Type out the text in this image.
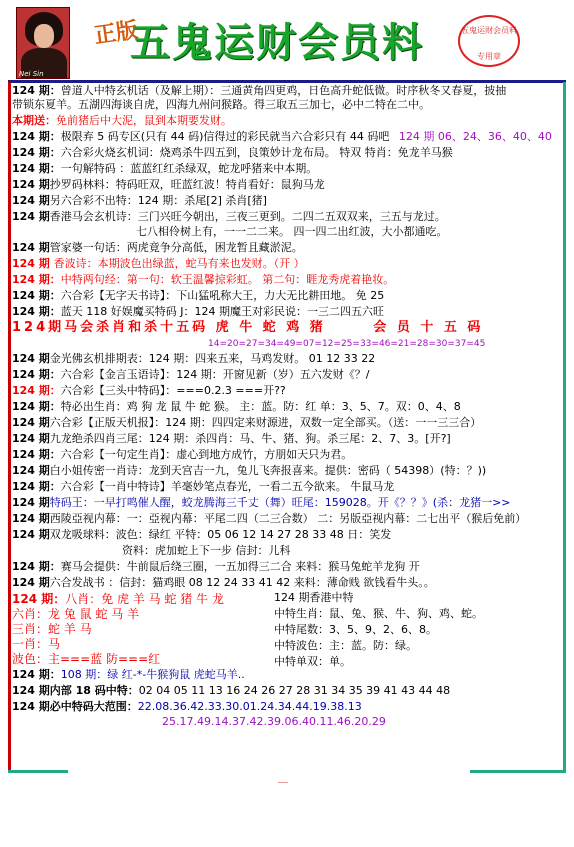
Nei Sin
正版
五鬼运财会员料	五鬼运财会员料
专用章
＿
124 期：曾道人中特玄机话（及解上期）：三通黄角四更鸡，日色高升蛇低微。时序秋冬又春夏，披抽
带锁东夏羊。五湖四海谈自虎，四海九州问猴路。得三取五三加七，必中二特在二中。
本期送：免前猪后中大泥，鼠到本期要发财。
124 期：极限弃 5 码专区(只有 44 码)信得过的彩民就当六合彩只有 44 码吧 124 期 06、24、36、40、40
124 期：六合彩火烧玄机词：烧鸡杀牛四五到，良策妙计龙布局。 特双 特肖：免龙羊马猴
124 期：一句解特码 ：蓝蓝红红杀绿双，蛇龙呼猪来中本期。
124 期抄罗码林料：特码旺双，旺蓝红波！特肖看好：鼠狗马龙
124 期另六合彩不出特：124 期：杀尾[2] 杀肖[猪]
124 期香港马会玄机诗：三门兴旺今朝出，三夜三更到。二四二五双双来，三五与龙过。
七八相伶树上有，一一二二来。 四一四二出红波，大小都通吃。
124 期管家婆一句话：两虎竟争分高低，困龙暂且藏淤泥。
124 期 香波诗：本期波色出绿蓝，蛇马有来也发财。（开 ）
124 期：中特两句经：第一句：软王温馨掠彩虹。 第二句：睚龙秀虎着艳妆。
124 期：六合彩【无字天书诗】：下山猛吼称大王，力大无比耕田地。 免 25
124 期：蓝天 118 好娱魔买特码 J：124 期魔王对彩民说：一三二四五六旺
124期马会杀肖和杀十五码 虎 牛 蛇 鸡 猪	会 员 十 五 码
14=20=27=34=49=07=12=25=33=46=21=28=30=37=45
124 期金光佛玄机排期表：124 期：四来五来，马鸡发财。 01 12 33 22
124 期：六合彩【金言玉语诗】：124 期：开窗见新（岁）五六发财《？/
124 期：六合彩【三头中特码】：===0.2.3 ===开??
124 期：特必出生肖：鸡 狗 龙 鼠 牛 蛇 猴。 主：蓝。防：红 单：3、5、7。双：0、4、8
124 期六合彩【正版天机报】：124 期：四四定来财源进，双数一定全部买。（送：一一三三合）
124 期九龙绝杀四肖三尾：124 期：杀四肖：马、牛、猪、狗。杀三尾：2、7、3。[开?]
124 期：六合彩【一句定生肖】：虚心到地方成竹，方朋如天只为君。
124 期白小姐传密一肖诗：龙到天宫吉一九，兔儿飞奔报喜来。提供：密码（ 54398）(特：？))
124 期：六合彩【一肖中特诗】羊毫妙笔点春光，一看二五今欲来。 牛鼠马龙
124 期特码王：一早打鸣催人醒，蛟龙腾海三千丈（舞）旺尾：159028。开《？？》(杀：龙猪一>>
124 期西陵亞视内幕：一：亞视内幕：平尾二四（二三合数） 二：另版亞视内幕：二七出平（猴后免前）
124 期双龙吸球料：波色：绿红 平特：05 06 12 14 27 28 33 48 日：笑发
资料：虎加蛇上下一步 信封：儿科
124 期：赛马会提供：牛前鼠后绕三圈，一五加得三二合 来料：猴马兔蛇羊龙狗 开
124 期六合发战书 ：信封：猫鸡眼 08 12 24 33 41 42 来料：薄命贱 欲钱看牛头。。
124 期：八肖：免 虎 羊 马 蛇 猪 牛 龙
六肖：龙 兔 鼠 蛇 马 羊
三肖：蛇 羊 马
一肖：马
波色：主===蓝 防===红
124 期：108 期：绿 红-*-牛猴狗鼠 虎蛇马羊..
124 期内部 18 码中特：02 04 05 11 13 16 24 26 27 28 31 34 35 39 41 43 44 48
124 期必中特码大范围：22.08.36.42.33.30.01.24.34.44.19.38.13
25.17.49.14.37.42.39.06.40.11.46.20.29
124 期香港中特
中特生肖：鼠、兔、猴、牛、狗、鸡、蛇。
中特尾数：3、5、9、2、6、8。
中特波色：主：蓝。防：绿。
中特单双：单。
